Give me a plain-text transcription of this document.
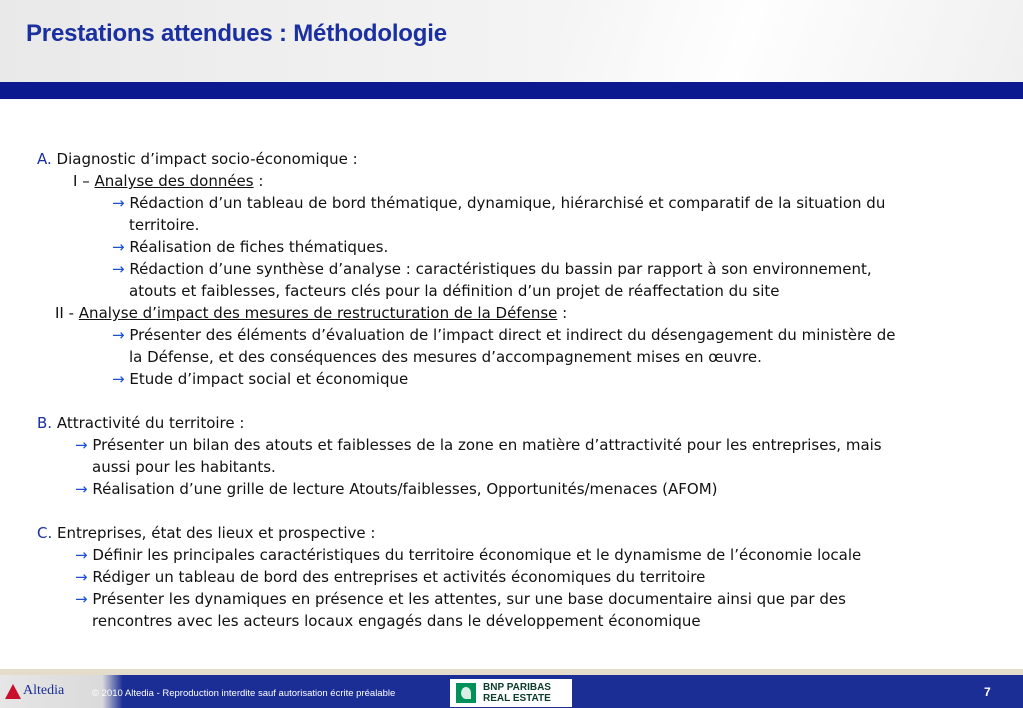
Prestations attendues : Méthodologie
A. Diagnostic d’impact socio-économique :
I – Analyse des données :
→ Rédaction d’un tableau de bord thématique, dynamique, hiérarchisé et comparatif de la situation du
territoire.
→ Réalisation de fiches thématiques.
→ Rédaction d’une synthèse d’analyse : caractéristiques du bassin par rapport à son environnement,
atouts et faiblesses, facteurs clés pour la définition d’un projet de réaffectation du site
II - Analyse d’impact des mesures de restructuration de la Défense :
→ Présenter des éléments d’évaluation de l’impact direct et indirect du désengagement du ministère de
la Défense, et des conséquences des mesures d’accompagnement mises en œuvre.
→ Etude d’impact social et économique
B. Attractivité du territoire :
→ Présenter un bilan des atouts et faiblesses de la zone en matière d’attractivité pour les entreprises, mais
aussi pour les habitants.
→ Réalisation d’une grille de lecture Atouts/faiblesses, Opportunités/menaces (AFOM)
C. Entreprises, état des lieux et prospective :
→ Définir les principales caractéristiques du territoire économique et le dynamisme de l’économie locale
→ Rédiger un tableau de bord des entreprises et activités économiques du territoire
→ Présenter les dynamiques en présence et les attentes, sur une base documentaire ainsi que par des
rencontres avec les acteurs locaux engagés dans le développement économique
Altedia	© 2010 Altedia - Reproduction interdite sauf autorisation écrite préalable
BNP PARIBAS
REAL ESTATE	7
